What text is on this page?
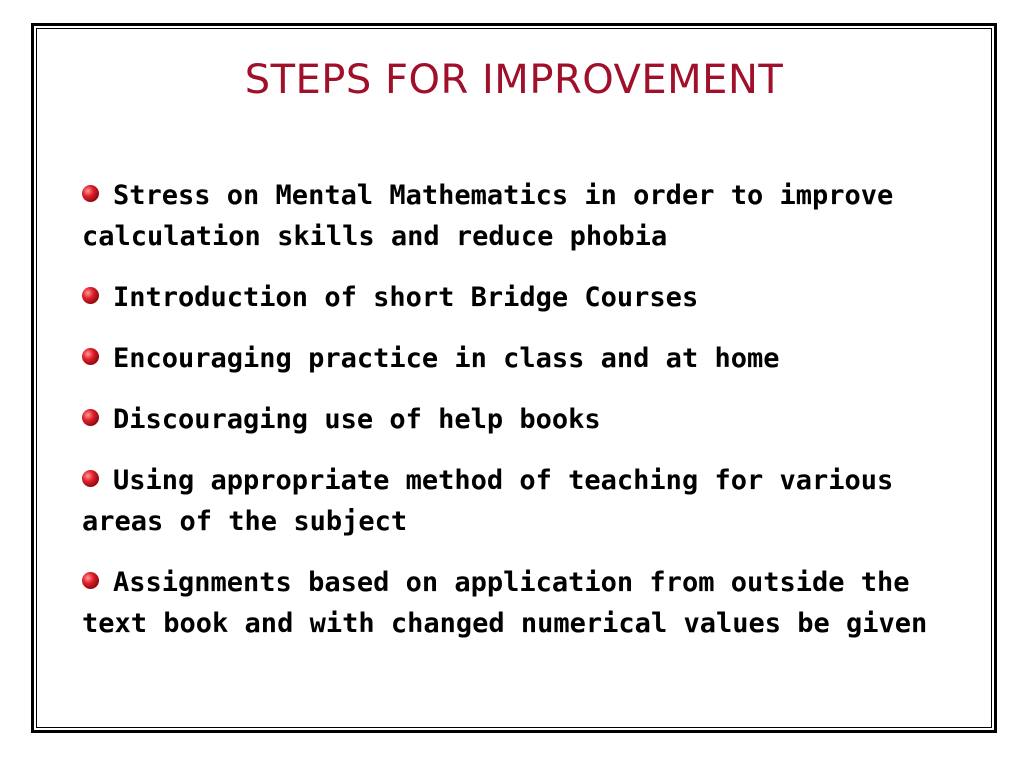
STEPS FOR IMPROVEMENT
Stress on Mental Mathematics in order to improve calculation skills and reduce phobia
Introduction of short Bridge Courses
Encouraging practice in class and at home
Discouraging use of help books
Using appropriate method of teaching for various areas of the subject
Assignments based on application from outside the text book and with changed numerical values be given
